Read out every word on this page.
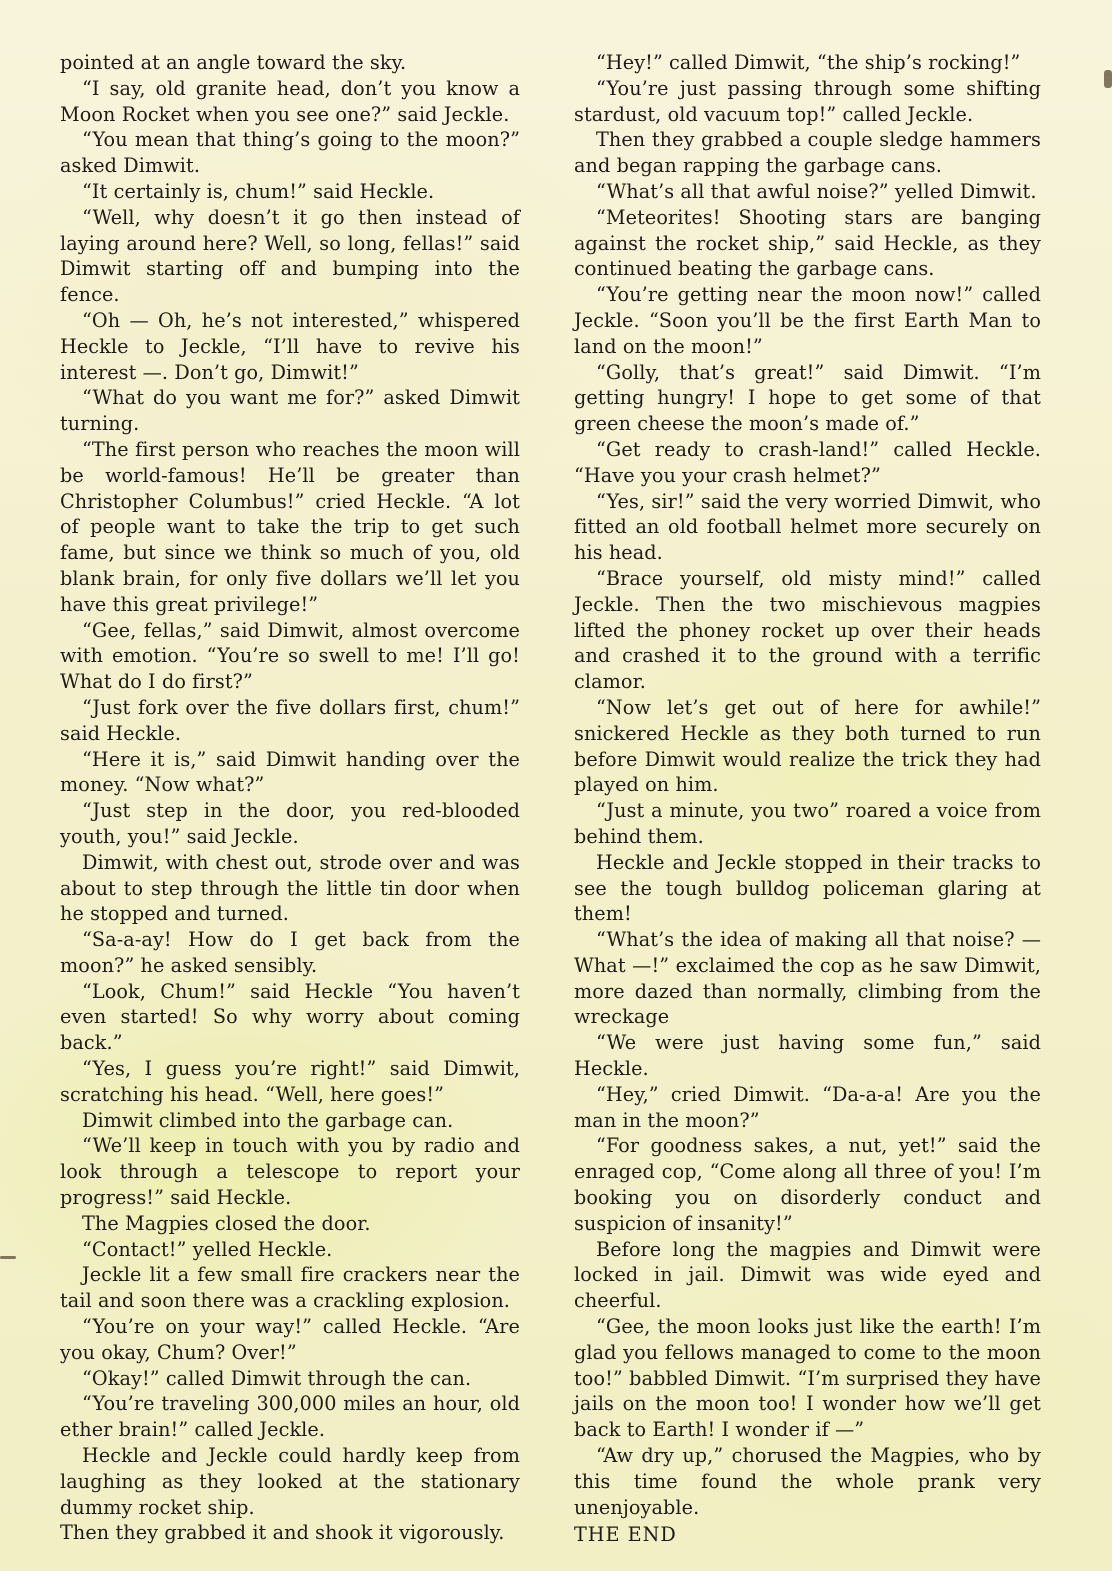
pointed at an angle toward the sky.

“I say, old granite head, don’t you know a Moon Rocket when you see one?” said Jeckle.

“You mean that thing’s going to the moon?” asked Dimwit.

“It certainly is, chum!” said Heckle.

“Well, why doesn’t it go then instead of laying around here? Well, so long, fellas!” said Dimwit starting off and bumping into the fence.

“Oh — Oh, he’s not interested,” whispered Heckle to Jeckle, “I’ll have to revive his interest —. Don’t go, Dimwit!”

“What do you want me for?” asked Dimwit turning.

“The first person who reaches the moon will be world-famous! He’ll be greater than Christopher Columbus!” cried Heckle. “A lot of people want to take the trip to get such fame, but since we think so much of you, old blank brain, for only five dollars we’ll let you have this great privilege!”

“Gee, fellas,” said Dimwit, almost overcome with emotion. “You’re so swell to me! I’ll go! What do I do first?”

“Just fork over the five dollars first, chum!” said Heckle.

“Here it is,” said Dimwit handing over the money. “Now what?”

“Just step in the door, you red-blooded youth, you!” said Jeckle.

Dimwit, with chest out, strode over and was about to step through the little tin door when he stopped and turned.

“Sa-a-ay! How do I get back from the moon?” he asked sensibly.

“Look, Chum!” said Heckle “You haven’t even started! So why worry about coming back.”

“Yes, I guess you’re right!” said Dimwit, scratching his head. “Well, here goes!”

Dimwit climbed into the garbage can.

“We’ll keep in touch with you by radio and look through a telescope to report your progress!” said Heckle.

The Magpies closed the door.

“Contact!” yelled Heckle.

Jeckle lit a few small fire crackers near the tail and soon there was a crackling explosion.

“You’re on your way!” called Heckle. “Are you okay, Chum? Over!”

“Okay!” called Dimwit through the can.

“You’re traveling 300,000 miles an hour, old ether brain!” called Jeckle.

Heckle and Jeckle could hardly keep from laughing as they looked at the stationary dummy rocket ship.

Then they grabbed it and shook it vigorously.

“Hey!” called Dimwit, “the ship’s rocking!”

“You’re just passing through some shifting stardust, old vacuum top!” called Jeckle.

Then they grabbed a couple sledge hammers and began rapping the garbage cans.

“What’s all that awful noise?” yelled Dimwit.

“Meteorites! Shooting stars are banging against the rocket ship,” said Heckle, as they continued beating the garbage cans.

“You’re getting near the moon now!” called Jeckle. “Soon you’ll be the first Earth Man to land on the moon!”

“Golly, that’s great!” said Dimwit. “I’m getting hungry! I hope to get some of that green cheese the moon’s made of.”

“Get ready to crash-land!” called Heckle. “Have you your crash helmet?”

“Yes, sir!” said the very worried Dimwit, who fitted an old football helmet more securely on his head.

“Brace yourself, old misty mind!” called Jeckle. Then the two mischievous magpies lifted the phoney rocket up over their heads and crashed it to the ground with a terrific clamor.

“Now let’s get out of here for awhile!” snickered Heckle as they both turned to run before Dimwit would realize the trick they had played on him.

“Just a minute, you two” roared a voice from behind them.

Heckle and Jeckle stopped in their tracks to see the tough bulldog policeman glaring at them!

“What’s the idea of making all that noise? — What —!” exclaimed the cop as he saw Dimwit, more dazed than normally, climbing from the wreckage

“We were just having some fun,” said Heckle.

“Hey,” cried Dimwit. “Da-a-a! Are you the man in the moon?”

“For goodness sakes, a nut, yet!” said the enraged cop, “Come along all three of you! I’m booking you on disorderly conduct and suspicion of insanity!”

Before long the magpies and Dimwit were locked in jail. Dimwit was wide eyed and cheerful.

“Gee, the moon looks just like the earth! I’m glad you fellows managed to come to the moon too!” babbled Dimwit. “I’m surprised they have jails on the moon too! I wonder how we’ll get back to Earth! I wonder if —”

“Aw dry up,” chorused the Magpies, who by this time found the whole prank very unenjoyable.

THE END
